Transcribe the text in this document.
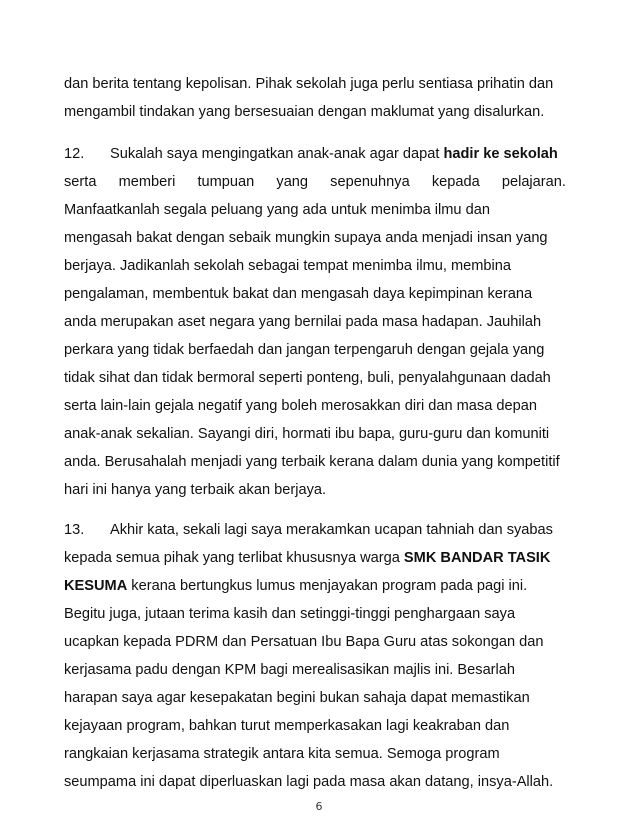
dan berita tentang kepolisan. Pihak sekolah juga perlu sentiasa prihatin dan
mengambil tindakan yang bersesuaian dengan maklumat yang disalurkan.
12. Sukalah saya mengingatkan anak-anak agar dapat hadir ke sekolah
serta memberi tumpuan yang sepenuhnya kepada pelajaran.
Manfaatkanlah segala peluang yang ada untuk menimba ilmu dan
mengasah bakat dengan sebaik mungkin supaya anda menjadi insan yang
berjaya. Jadikanlah sekolah sebagai tempat menimba ilmu, membina
pengalaman, membentuk bakat dan mengasah daya kepimpinan kerana
anda merupakan aset negara yang bernilai pada masa hadapan. Jauhilah
perkara yang tidak berfaedah dan jangan terpengaruh dengan gejala yang
tidak sihat dan tidak bermoral seperti ponteng, buli, penyalahgunaan dadah
serta lain-lain gejala negatif yang boleh merosakkan diri dan masa depan
anak-anak sekalian. Sayangi diri, hormati ibu bapa, guru-guru dan komuniti
anda. Berusahalah menjadi yang terbaik kerana dalam dunia yang kompetitif
hari ini hanya yang terbaik akan berjaya.
13. Akhir kata, sekali lagi saya merakamkan ucapan tahniah dan syabas
kepada semua pihak yang terlibat khususnya warga SMK BANDAR TASIK
KESUMA kerana bertungkus lumus menjayakan program pada pagi ini.
Begitu juga, jutaan terima kasih dan setinggi-tinggi penghargaan saya
ucapkan kepada PDRM dan Persatuan Ibu Bapa Guru atas sokongan dan
kerjasama padu dengan KPM bagi merealisasikan majlis ini. Besarlah
harapan saya agar kesepakatan begini bukan sahaja dapat memastikan
kejayaan program, bahkan turut memperkasakan lagi keakraban dan
rangkaian kerjasama strategik antara kita semua. Semoga program
seumpama ini dapat diperluaskan lagi pada masa akan datang, insya-Allah.
6
